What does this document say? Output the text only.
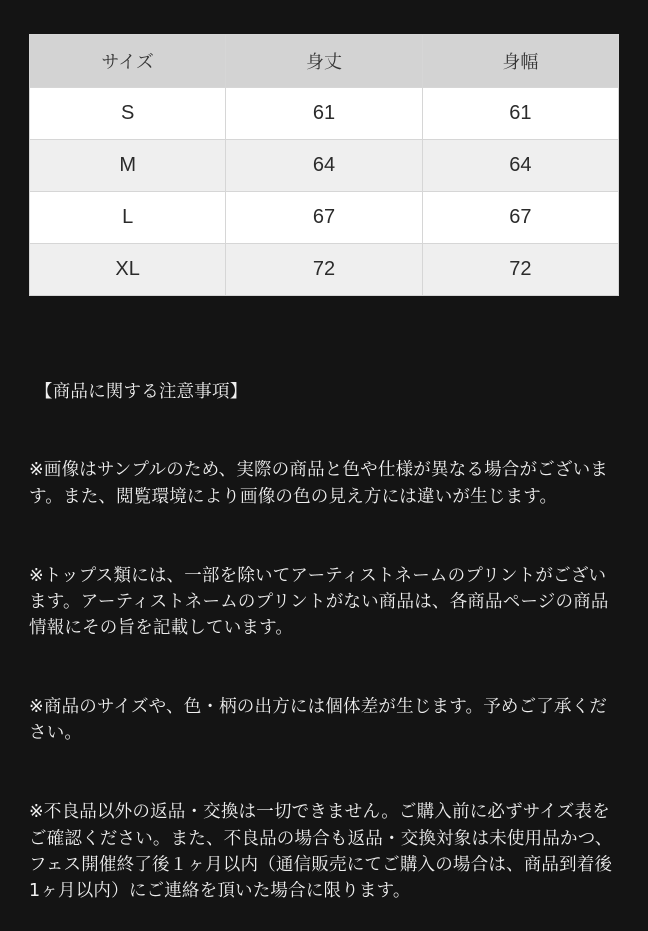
サイズ	身丈	身幅
S	61	61
M	64	64
L	67	67
XL	72	72

【商品に関する注意事項】

※画像はサンプルのため、実際の商品と色や仕様が異なる場合がございます。また、閲覧環境により画像の色の見え方には違いが生じます。

※トップス類には、一部を除いてアーティストネームのプリントがございます。アーティストネームのプリントがない商品は、各商品ページの商品情報にその旨を記載しています。

※商品のサイズや、色・柄の出方には個体差が生じます。予めご了承ください。

※不良品以外の返品・交換は一切できません。ご購入前に必ずサイズ表をご確認ください。また、不良品の場合も返品・交換対象は未使用品かつ、フェス開催終了後１ヶ月以内（通信販売にてご購入の場合は、商品到着後1ヶ月以内）にご連絡を頂いた場合に限ります。
